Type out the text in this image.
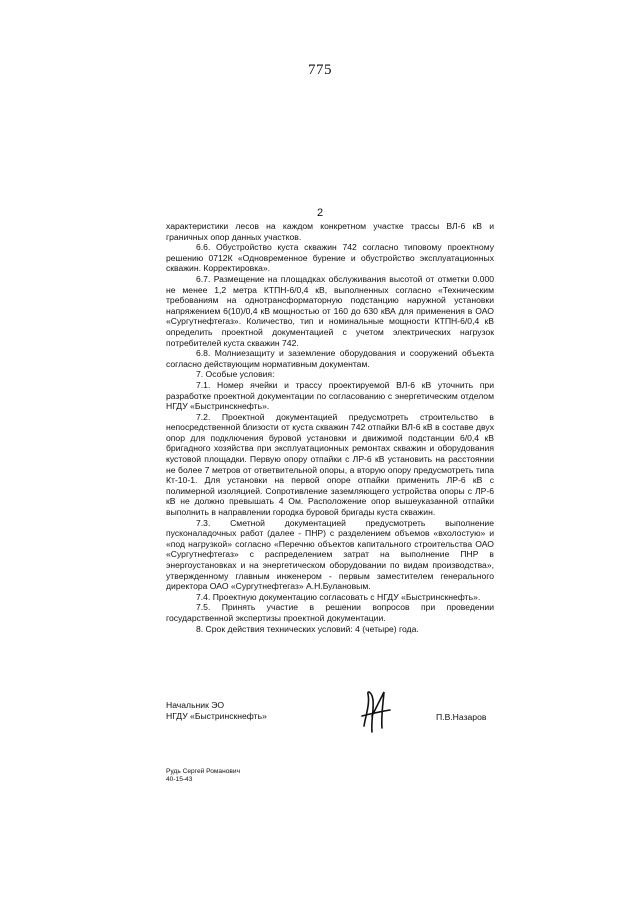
775
2

характеристики лесов на каждом конкретном участке трассы ВЛ-6 кВ и граничных опор данных участков.

6.6. Обустройство куста скважин 742 согласно типовому проектному решению 0712К «Одновременное бурение и обустройство эксплуатационных скважин. Корректировка».

6.7. Размещение на площадках обслуживания высотой от отметки 0.000 не менее 1,2 метра КТПН-6/0,4 кВ, выполненных согласно «Техническим требованиям на однотрансформаторную подстанцию наружной установки напряжением 6(10)/0,4 кВ мощностью от 160 до 630 кВА для применения в ОАО «Сургутнефтегаз». Количество, тип и номинальные мощности КТПН-6/0,4 кВ определить проектной документацией с учетом электрических нагрузок потребителей куста скважин 742.

6.8. Молниезащиту и заземление оборудования и сооружений объекта согласно действующим нормативным документам.

7. Особые условия:

7.1. Номер ячейки и трассу проектируемой ВЛ-6 кВ уточнить при разработке проектной документации по согласованию с энергетическим отделом НГДУ «Быстринскнефть».

7.2. Проектной документацией предусмотреть строительство в непосредственной близости от куста скважин 742 отпайки ВЛ-6 кВ в составе двух опор для подключения буровой установки и движимой подстанции 6/0,4 кВ бригадного хозяйства при эксплуатационных ремонтах скважин и оборудования кустовой площадки. Первую опору отпайки с ЛР-6 кВ установить на расстоянии не более 7 метров от ответвительной опоры, а вторую опору предусмотреть типа Кт-10-1. Для установки на первой опоре отпайки применить ЛР-6 кВ с полимерной изоляцией. Сопротивление заземляющего устройства опоры с ЛР-6 кВ не должно превышать 4 Ом. Расположение опор вышеуказанной отпайки выполнить в направлении городка буровой бригады куста скважин.

7.3. Сметной документацией предусмотреть выполнение пусконаладочных работ (далее - ПНР) с разделением объемов «вхолостую» и «под нагрузкой» согласно «Перечню объектов капитального строительства ОАО «Сургутнефтегаз» с распределением затрат на выполнение ПНР в энергоустановках и на энергетическом оборудовании по видам производства», утвержденному главным инженером - первым заместителем генерального директора ОАО «Сургутнефтегаз» А.Н.Булановым.

7.4. Проектную документацию согласовать с НГДУ «Быстринскнефть».

7.5. Принять участие в решении вопросов при проведении государственной экспертизы проектной документации.

8. Срок действия технических условий: 4 (четыре) года.

Начальник ЭО
НГДУ «Быстринскнефть»	П.В.Назаров
Рудь Сергей Романович
40-15-43
